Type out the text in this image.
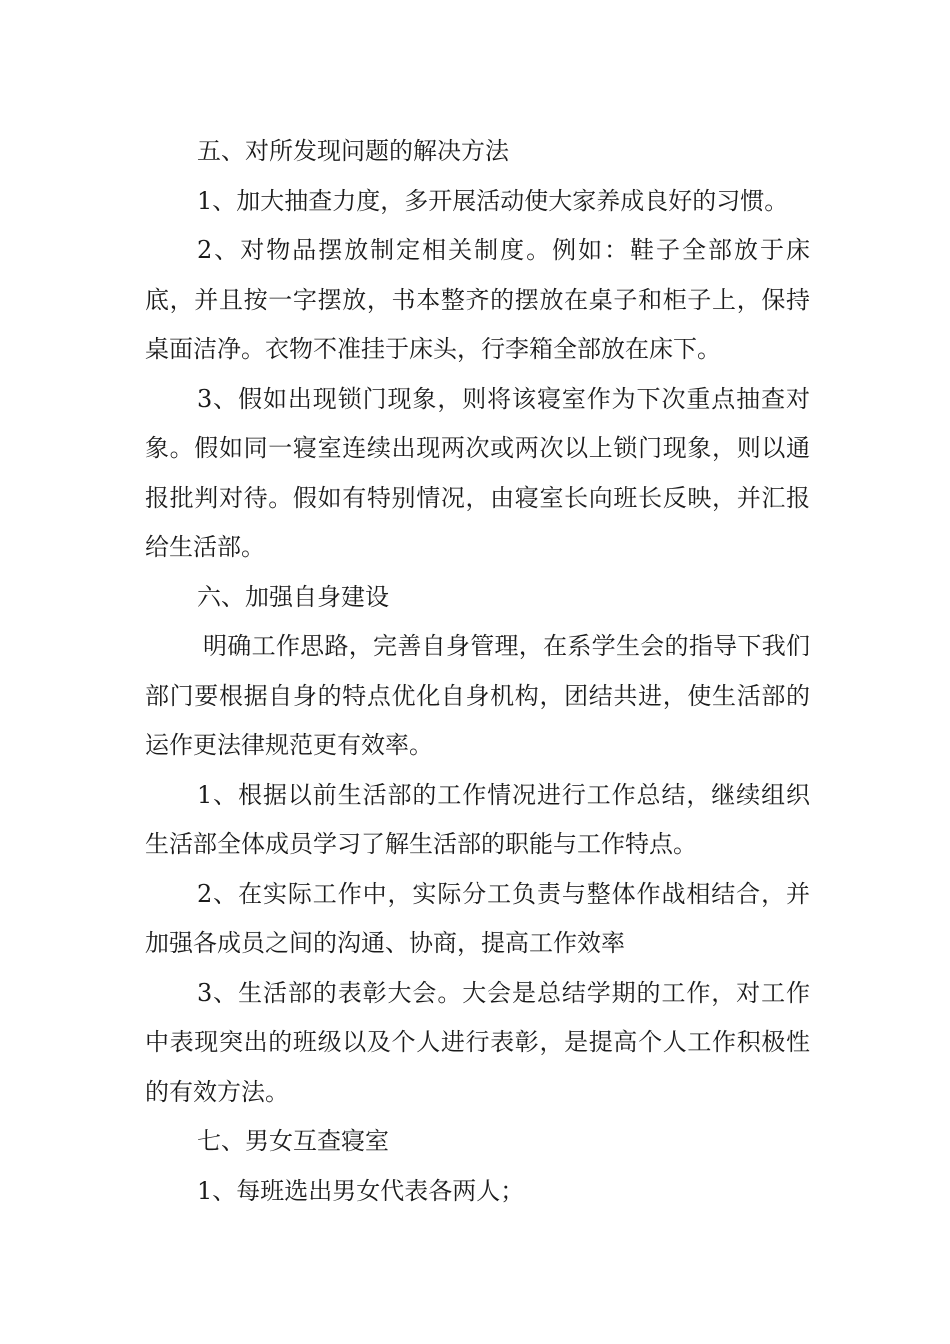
五、对所发现问题的解决方法

1、加大抽查力度，多开展活动使大家养成良好的习惯。

2、对物品摆放制定相关制度。例如：鞋子全部放于床底，并且按一字摆放，书本整齐的摆放在桌子和柜子上，保持桌面洁净。衣物不准挂于床头，行李箱全部放在床下。

3、假如出现锁门现象，则将该寝室作为下次重点抽查对象。假如同一寝室连续出现两次或两次以上锁门现象，则以通报批判对待。假如有特别情况，由寝室长向班长反映，并汇报给生活部。

六、加强自身建设

明确工作思路，完善自身管理，在系学生会的指导下我们部门要根据自身的特点优化自身机构，团结共进，使生活部的运作更法律规范更有效率。

1、根据以前生活部的工作情况进行工作总结，继续组织生活部全体成员学习了解生活部的职能与工作特点。

2、在实际工作中，实际分工负责与整体作战相结合，并加强各成员之间的沟通、协商，提高工作效率

3、生活部的表彰大会。大会是总结学期的工作，对工作中表现突出的班级以及个人进行表彰，是提高个人工作积极性的有效方法。

七、男女互查寝室

1、每班选出男女代表各两人；
